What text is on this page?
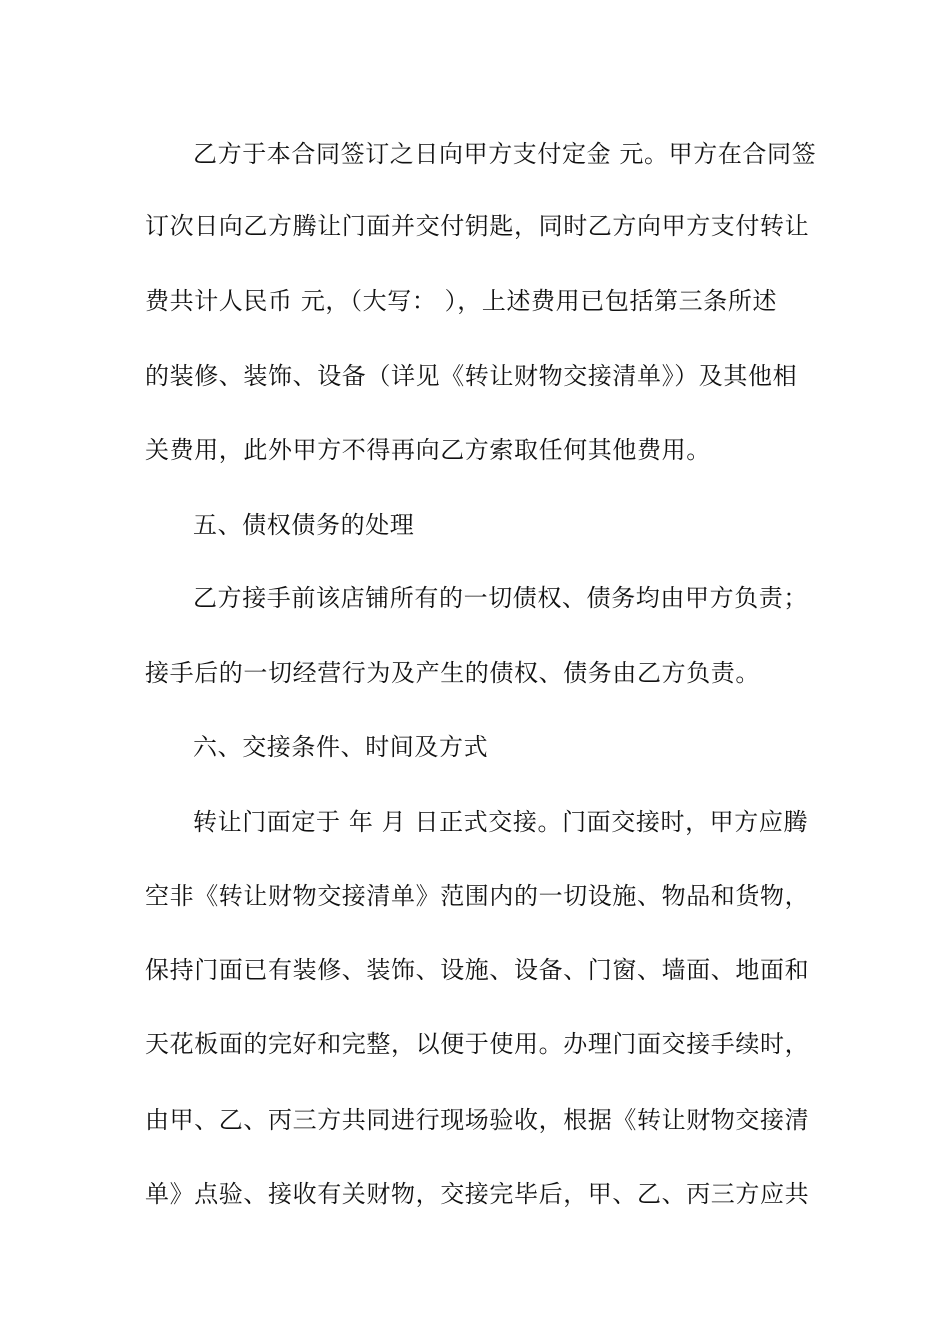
乙方于本合同签订之日向甲方支付定金 元。甲方在合同签
订次日向乙方腾让门面并交付钥匙，同时乙方向甲方支付转让
费共计人民币 元，（大写： ），上述费用已包括第三条所述
的装修、装饰、设备（详见《转让财物交接清单》）及其他相
关费用，此外甲方不得再向乙方索取任何其他费用。
五、债权债务的处理
乙方接手前该店铺所有的一切债权、债务均由甲方负责；
接手后的一切经营行为及产生的债权、债务由乙方负责。
六、交接条件、时间及方式
转让门面定于 年 月 日正式交接。门面交接时，甲方应腾
空非《转让财物交接清单》范围内的一切设施、物品和货物，
保持门面已有装修、装饰、设施、设备、门窗、墙面、地面和
天花板面的完好和完整，以便于使用。办理门面交接手续时，
由甲、乙、丙三方共同进行现场验收，根据《转让财物交接清
单》点验、接收有关财物，交接完毕后，甲、乙、丙三方应共
